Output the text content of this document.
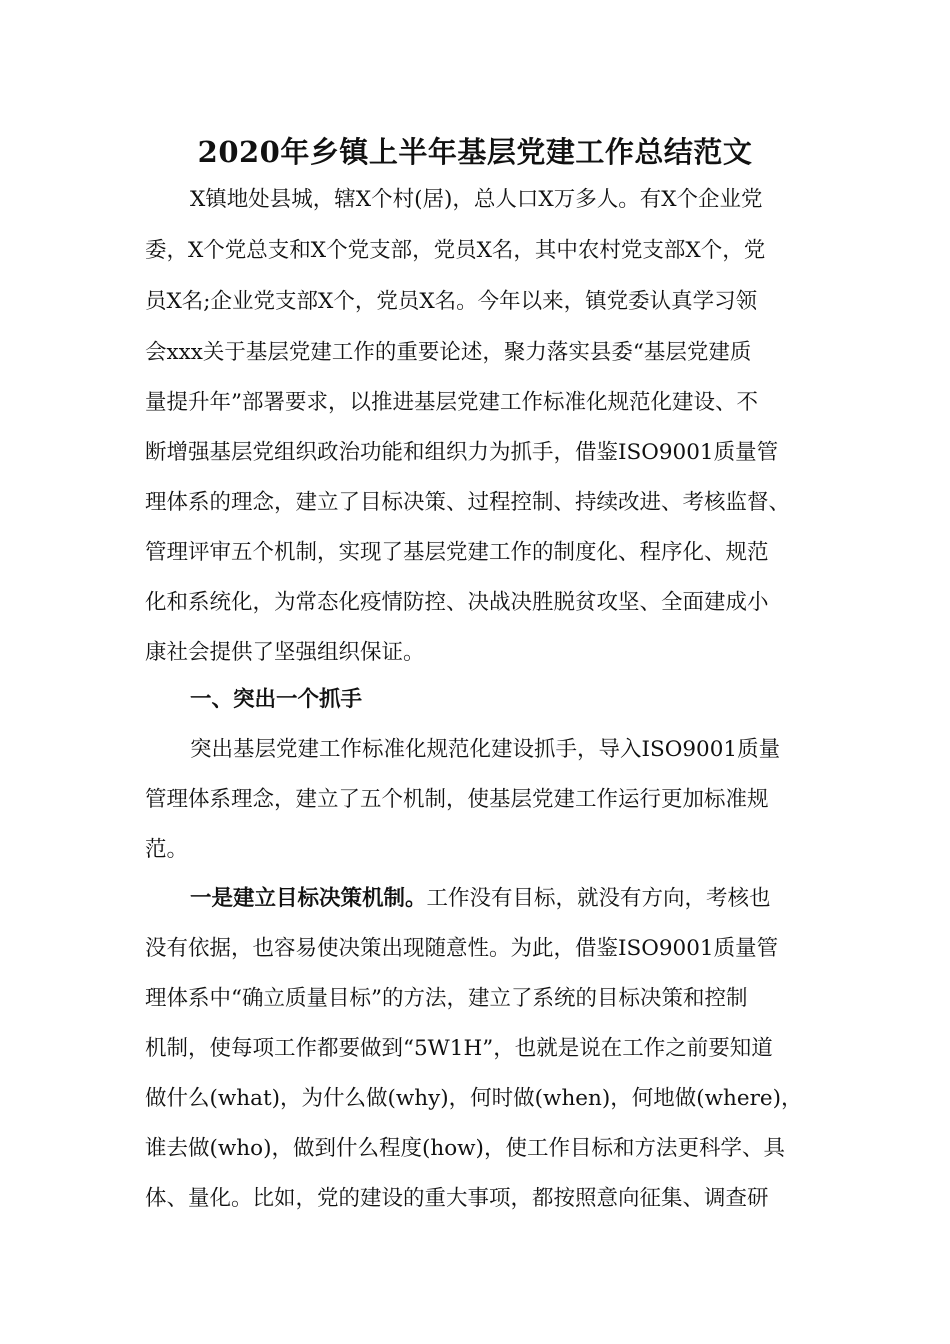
2020年乡镇上半年基层党建工作总结范文
X镇地处县城，辖X个村(居)，总人口X万多人。有X个企业党
委，X个党总支和X个党支部，党员X名，其中农村党支部X个，党
员X名;企业党支部X个，党员X名。今年以来，镇党委认真学习领
会xxx关于基层党建工作的重要论述，聚力落实县委“基层党建质
量提升年”部署要求，以推进基层党建工作标准化规范化建设、不
断增强基层党组织政治功能和组织力为抓手，借鉴ISO9001质量管
理体系的理念，建立了目标决策、过程控制、持续改进、考核监督、
管理评审五个机制，实现了基层党建工作的制度化、程序化、规范
化和系统化，为常态化疫情防控、决战决胜脱贫攻坚、全面建成小
康社会提供了坚强组织保证。
一、突出一个抓手
突出基层党建工作标准化规范化建设抓手，导入ISO9001质量
管理体系理念，建立了五个机制，使基层党建工作运行更加标准规
范。
一是建立目标决策机制。工作没有目标，就没有方向，考核也
没有依据，也容易使决策出现随意性。为此，借鉴ISO9001质量管
理体系中“确立质量目标”的方法，建立了系统的目标决策和控制
机制，使每项工作都要做到“5W1H”，也就是说在工作之前要知道
做什么(what)，为什么做(why)，何时做(when)，何地做(where)，
谁去做(who)，做到什么程度(how)，使工作目标和方法更科学、具
体、量化。比如，党的建设的重大事项，都按照意向征集、调查研
